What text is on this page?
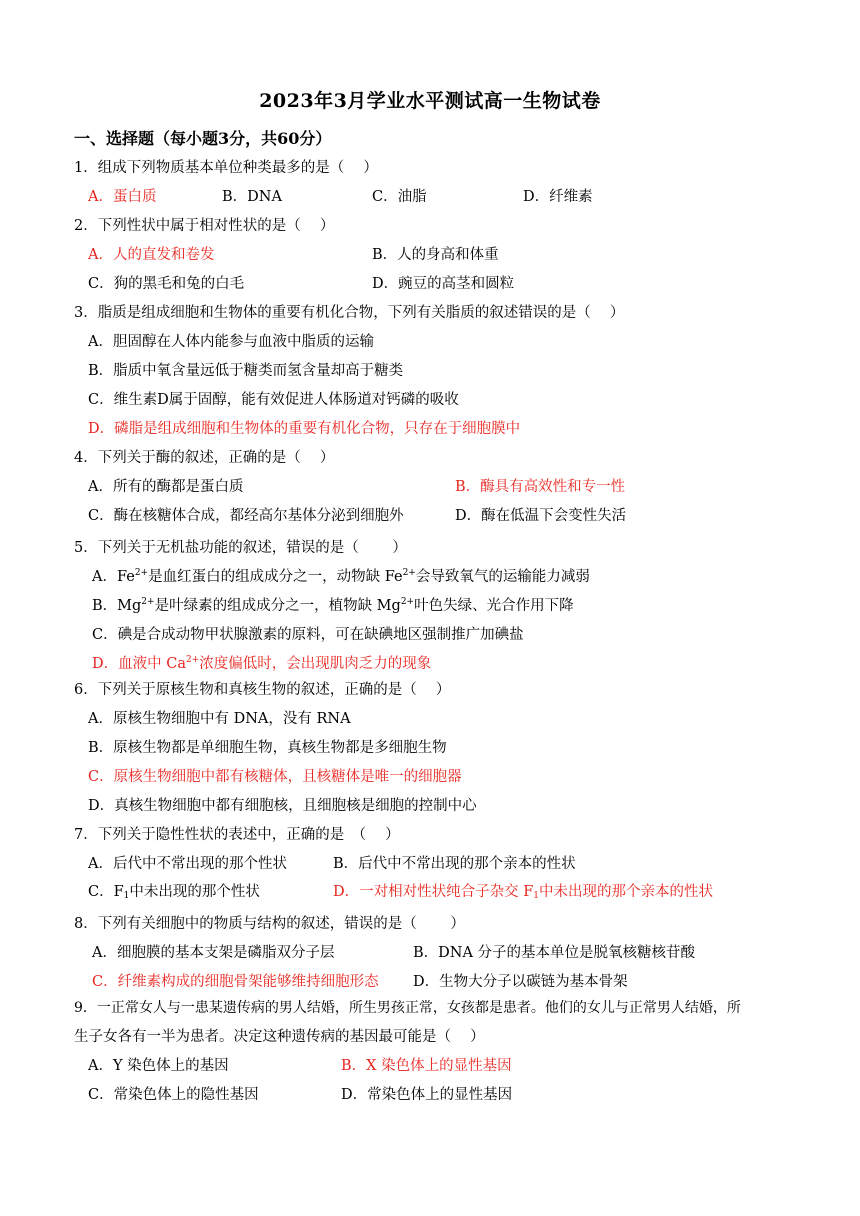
2023年3月学业水平测试高一生物试卷
一、选择题（每小题3分，共60分）
1．组成下列物质基本单位种类最多的是（　 ）
A．蛋白质	B．DNA	C．油脂	D．纤维素
2．下列性状中属于相对性状的是（　 ）
A．人的直发和卷发	B．人的身高和体重
C．狗的黑毛和兔的白毛	D．豌豆的高茎和圆粒
3．脂质是组成细胞和生物体的重要有机化合物，下列有关脂质的叙述错误的是（　 ）
A．胆固醇在人体内能参与血液中脂质的运输
B．脂质中氧含量远低于糖类而氢含量却高于糖类
C．维生素D属于固醇，能有效促进人体肠道对钙磷的吸收
D．磷脂是组成细胞和生物体的重要有机化合物，只存在于细胞膜中
4．下列关于酶的叙述，正确的是（　 ）
A．所有的酶都是蛋白质	B．酶具有高效性和专一性
C．酶在核糖体合成，都经高尔基体分泌到细胞外	D．酶在低温下会变性失活
5．下列关于无机盐功能的叙述，错误的是（　　 ）
A．$Fe^{2+}$是血红蛋白的组成成分之一，动物缺 $Fe^{2+}$会导致氧气的运输能力减弱
B．$Mg^{2+}$是叶绿素的组成成分之一，植物缺 $Mg^{2+}$叶色失绿、光合作用下降
C．碘是合成动物甲状腺激素的原料，可在缺碘地区强制推广加碘盐
D．血液中 $Ca^{2+}$浓度偏低时，会出现肌肉乏力的现象
6．下列关于原核生物和真核生物的叙述，正确的是（　 ）
A．原核生物细胞中有 DNA，没有 RNA
B．原核生物都是单细胞生物，真核生物都是多细胞生物
C．原核生物细胞中都有核糖体，且核糖体是唯一的细胞器
D．真核生物细胞中都有细胞核，且细胞核是细胞的控制中心
7．下列关于隐性性状的表述中，正确的是　（　 ）
A．后代中不常出现的那个性状	B．后代中不常出现的那个亲本的性状
C．$F_1$中未出现的那个性状	D．一对相对性状纯合子杂交 $F_1$中未出现的那个亲本的性状
8．下列有关细胞中的物质与结构的叙述，错误的是（　　 ）
A．细胞膜的基本支架是磷脂双分子层	B．DNA 分子的基本单位是脱氧核糖核苷酸
C．纤维素构成的细胞骨架能够维持细胞形态 D．生物大分子以碳链为基本骨架
9．一正常女人与一患某遗传病的男人结婚，所生男孩正常，女孩都是患者。他们的女儿与正常男人结婚，所
生子女各有一半为患者。决定这种遗传病的基因最可能是（　 ）
A．Y 染色体上的基因	B．X 染色体上的显性基因
C．常染色体上的隐性基因	D．常染色体上的显性基因
